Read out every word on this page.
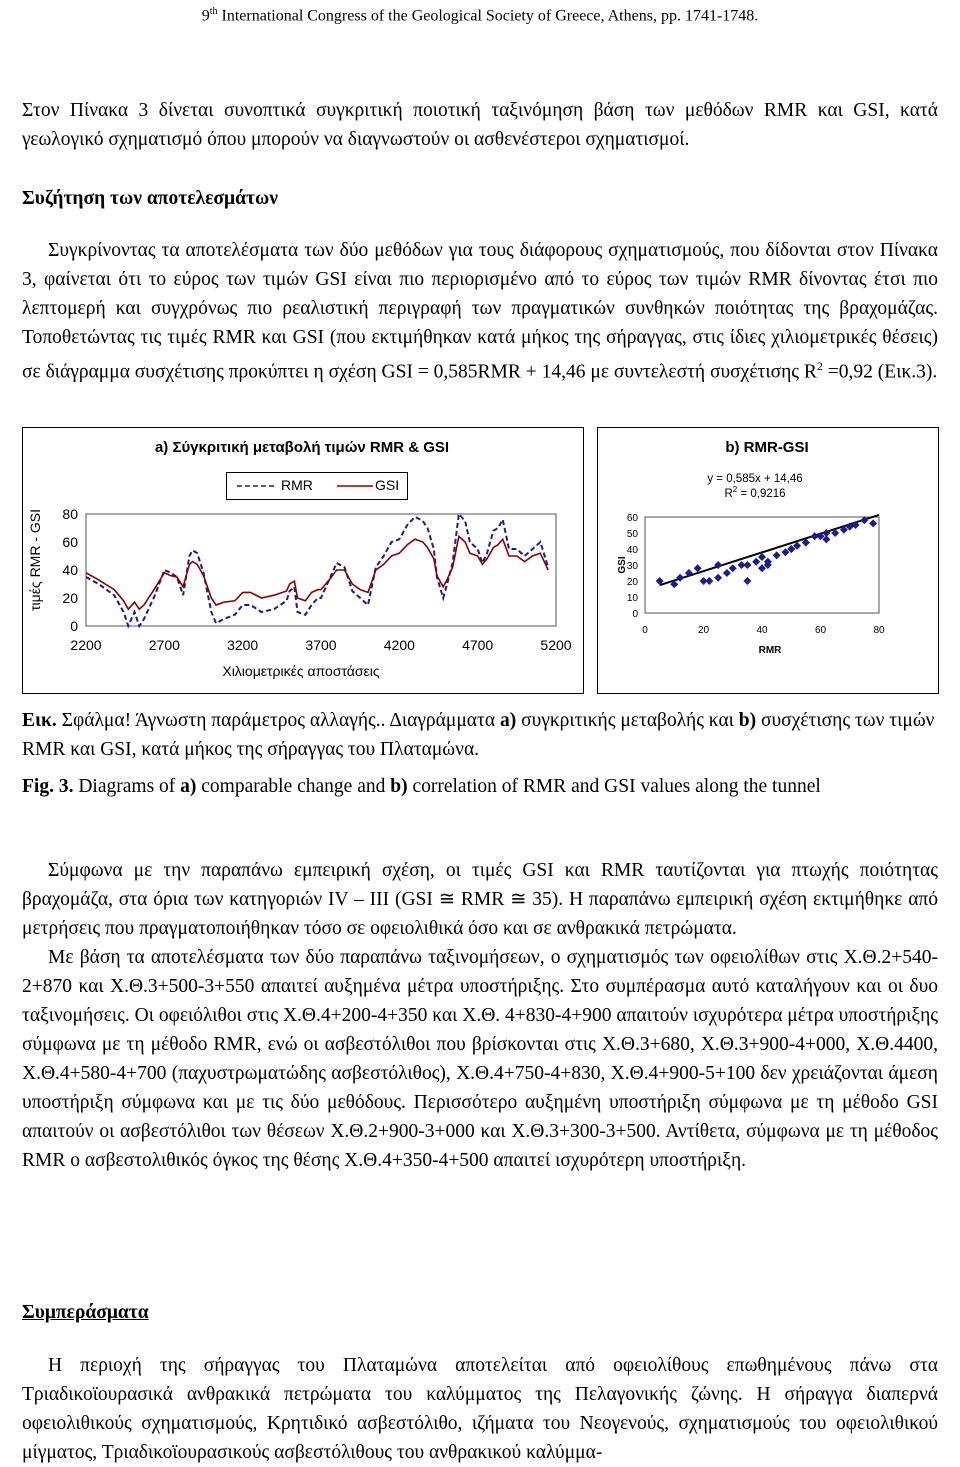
9th International Congress of the Geological Society of Greece, Athens, pp. 1741-1748.

Στον Πίνακα 3 δίνεται συνοπτικά συγκριτική ποιοτική ταξινόμηση βάση των μεθόδων RMR και GSI, κατά γεωλογικό σχηματισμό όπου μπορούν να διαγνωστούν οι ασθενέστεροι σχηματισμοί.

Συζήτηση των αποτελεσμάτων

Συγκρίνοντας τα αποτελέσματα των δύο μεθόδων για τους διάφορους σχηματισμούς, που δίδονται στον Πίνακα 3, φαίνεται ότι το εύρος των τιμών GSI είναι πιο περιορισμένο από το εύρος των τιμών RMR δίνοντας έτσι πιο λεπτομερή και συγχρόνως πιο ρεαλιστική περιγραφή των πραγματικών συνθηκών ποιότητας της βραχομάζας. Τοποθετώντας τις τιμές RMR και GSI (που εκτιμήθηκαν κατά μήκος της σήραγγας, στις ίδιες χιλιομετρικές θέσεις) σε διάγραμμα συσχέτισης προκύπτει η σχέση GSI = 0,585RMR + 14,46 με συντελεστή συσχέτισης $R^2 =0,92$ (Εικ.3).

a) Σύγκριτική μεταβολή τιμών RMR & GSI
RMR	GSI
0
20
40
60
80
2200	2700	3200	3700	4200	4700	5200
Χιλιομετρικές αποστάσεις
τιμές RMR - GSI
b) RMR-GSI
y = 0,585x + 14,46
$R^2 = 0,9216$
0
10
20
30
40
50
60
0	20	40	60	80
RMR
GSI
Εικ. Σφάλμα! Άγνωστη παράμετρος αλλαγής.. Διαγράμματα a) συγκριτικής μεταβολής και b) συσχέτισης των τιμών RMR και GSI, κατά μήκος της σήραγγας του Πλαταμώνα.
Fig. 3. Diagrams of a) comparable change and b) correlation of RMR and GSI values along the tunnel

Σύμφωνα με την παραπάνω εμπειρική σχέση, οι τιμές GSI και RMR ταυτίζονται για πτωχής ποιότητας βραχομάζα, στα όρια των κατηγοριών IV – III (GSI ≅ RMR ≅ 35). Η παραπάνω εμπειρική σχέση εκτιμήθηκε από μετρήσεις που πραγματοποιήθηκαν τόσο σε οφειολιθικά όσο και σε ανθρακικά πετρώματα.

Με βάση τα αποτελέσματα των δύο παραπάνω ταξινομήσεων, ο σχηματισμός των οφειολίθων στις Χ.Θ.2+540-2+870 και Χ.Θ.3+500-3+550 απαιτεί αυξημένα μέτρα υποστήριξης. Στο συμπέρασμα αυτό καταλήγουν και οι δυο ταξινομήσεις. Οι οφειόλιθοι στις Χ.Θ.4+200-4+350 και Χ.Θ. 4+830-4+900 απαιτούν ισχυρότερα μέτρα υποστήριξης σύμφωνα με τη μέθοδο RMR, ενώ οι ασβεστόλιθοι που βρίσκονται στις Χ.Θ.3+680, Χ.Θ.3+900-4+000, Χ.Θ.4400, Χ.Θ.4+580-4+700 (παχυστρωματώδης ασβεστόλιθος), Χ.Θ.4+750-4+830, Χ.Θ.4+900-5+100 δεν χρειάζονται άμεση υποστήριξη σύμφωνα και με τις δύο μεθόδους. Περισσότερο αυξημένη υποστήριξη σύμφωνα με τη μέθοδο GSI απαιτούν οι ασβεστόλιθοι των θέσεων Χ.Θ.2+900-3+000 και Χ.Θ.3+300-3+500. Αντίθετα, σύμφωνα με τη μέθοδος RMR ο ασβεστολιθικός όγκος της θέσης Χ.Θ.4+350-4+500 απαιτεί ισχυρότερη υποστήριξη.

Συμπεράσματα

Η περιοχή της σήραγγας του Πλαταμώνα αποτελείται από οφειολίθους επωθημένους πάνω στα Τριαδικοϊουρασικά ανθρακικά πετρώματα του καλύμματος της Πελαγονικής ζώνης. Η σήραγγα διαπερνά οφειολιθικούς σχηματισμούς, Κρητιδικό ασβεστόλιθο, ιζήματα του Νεογενούς, σχηματισμούς του οφειολιθικού μίγματος, Τριαδικοϊουρασικούς ασβεστόλιθους του ανθρακικού καλύμμα-
